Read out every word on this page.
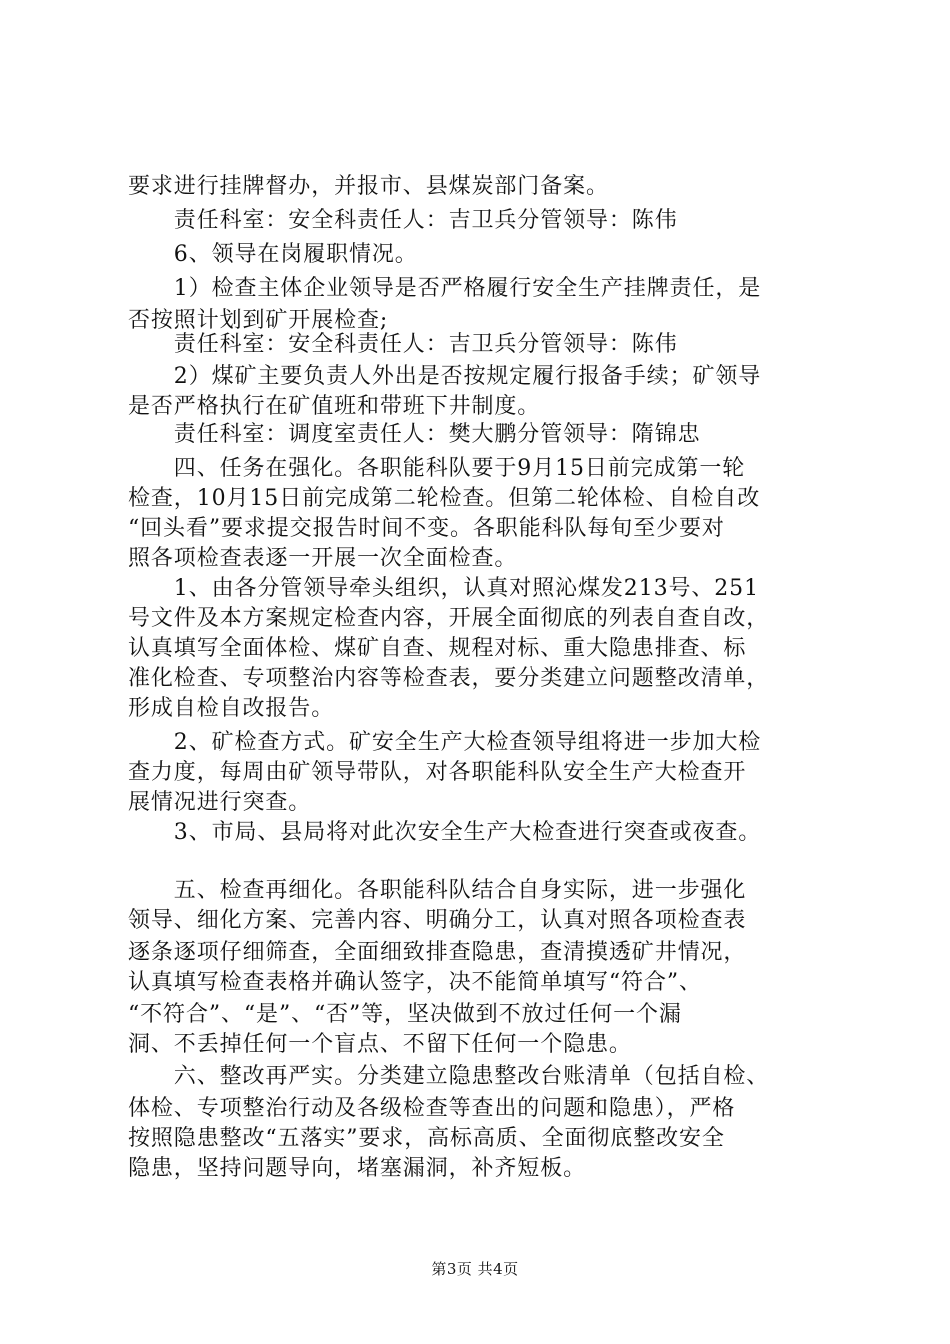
要求进行挂牌督办，并报市、县煤炭部门备案。
　　责任科室：安全科责任人：吉卫兵分管领导：陈伟
　　6、领导在岗履职情况。
　　1）检查主体企业领导是否严格履行安全生产挂牌责任，是
否按照计划到矿开展检查;
　　责任科室：安全科责任人：吉卫兵分管领导：陈伟
　　2）煤矿主要负责人外出是否按规定履行报备手续；矿领导
是否严格执行在矿值班和带班下井制度。
　　责任科室：调度室责任人：樊大鹏分管领导：隋锦忠
　　四、任务在强化。各职能科队要于9月15日前完成第一轮
检查，10月15日前完成第二轮检查。但第二轮体检、自检自改
“回头看”要求提交报告时间不变。各职能科队每旬至少要对
照各项检查表逐一开展一次全面检查。
　　1、由各分管领导牵头组织，认真对照沁煤发213号、251
号文件及本方案规定检查内容，开展全面彻底的列表自查自改，
认真填写全面体检、煤矿自查、规程对标、重大隐患排查、标
准化检查、专项整治内容等检查表，要分类建立问题整改清单，
形成自检自改报告。
　　2、矿检查方式。矿安全生产大检查领导组将进一步加大检
查力度，每周由矿领导带队，对各职能科队安全生产大检查开
展情况进行突查。
　　3、市局、县局将对此次安全生产大检查进行突查或夜查。
　　五、检查再细化。各职能科队结合自身实际，进一步强化
领导、细化方案、完善内容、明确分工，认真对照各项检查表
逐条逐项仔细筛查，全面细致排查隐患，查清摸透矿井情况，
认真填写检查表格并确认签字，决不能简单填写“符合”、
“不符合”、“是”、“否”等，坚决做到不放过任何一个漏
洞、不丢掉任何一个盲点、不留下任何一个隐患。
　　六、整改再严实。分类建立隐患整改台账清单（包括自检、
体检、专项整治行动及各级检查等查出的问题和隐患），严格
按照隐患整改“五落实”要求，高标高质、全面彻底整改安全
隐患，坚持问题导向，堵塞漏洞，补齐短板。
第3页 共4页
